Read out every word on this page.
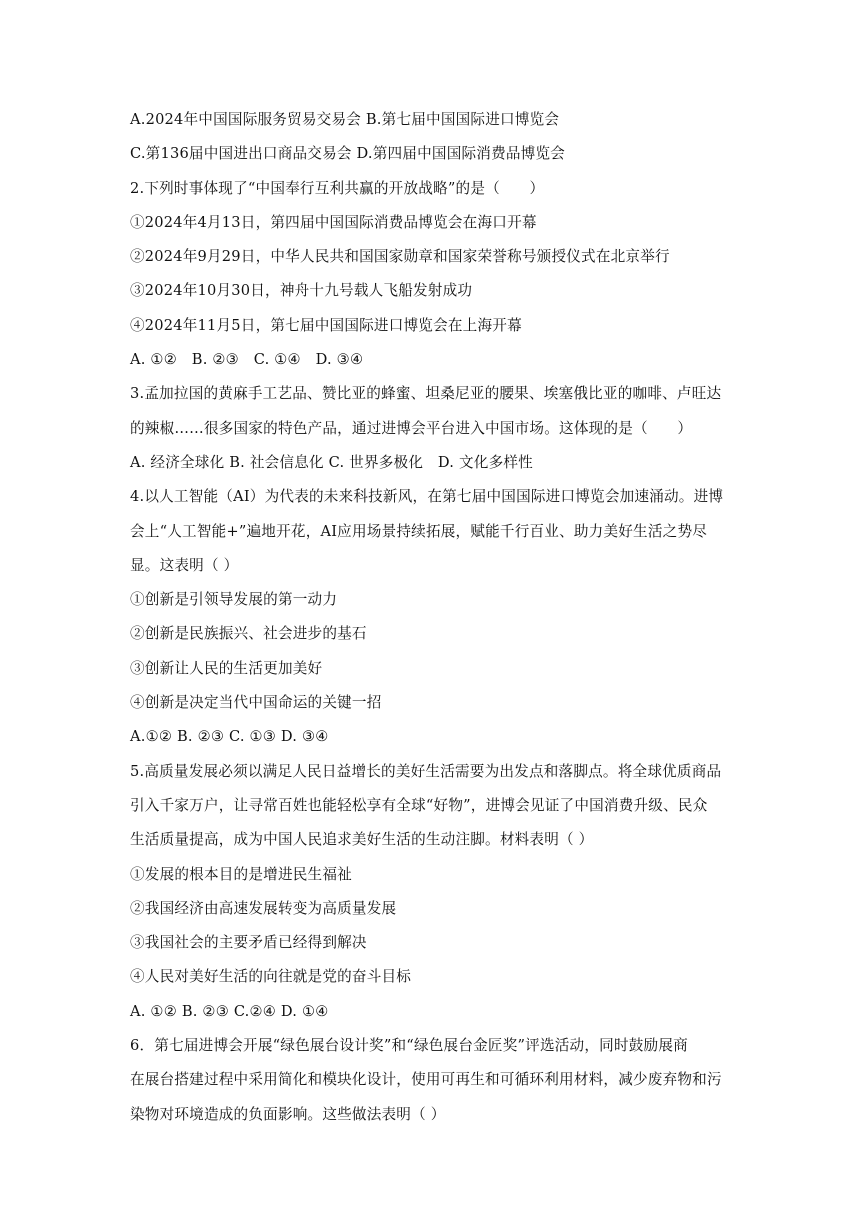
A.2024年中国国际服务贸易交易会 B.第七届中国国际进口博览会
C.第136届中国进出口商品交易会 D.第四届中国国际消费品博览会
2.下列时事体现了“中国奉行互利共赢的开放战略”的是（　　）
①2024年4月13日，第四届中国国际消费品博览会在海口开幕
②2024年9月29日，中华人民共和国国家勋章和国家荣誉称号颁授仪式在北京举行
③2024年10月30日，神舟十九号载人飞船发射成功
④2024年11月5日，第七届中国国际进口博览会在上海开幕
A. ①②　B. ②③　C. ①④　D. ③④
3.孟加拉国的黄麻手工艺品、赞比亚的蜂蜜、坦桑尼亚的腰果、埃塞俄比亚的咖啡、卢旺达
的辣椒……很多国家的特色产品，通过进博会平台进入中国市场。这体现的是（　　）
A. 经济全球化 B. 社会信息化 C. 世界多极化　D. 文化多样性
4.以人工智能（AI）为代表的未来科技新风，在第七届中国国际进口博览会加速涌动。进博
会上“人工智能+”遍地开花，AI应用场景持续拓展，赋能千行百业、助力美好生活之势尽
显。这表明（ ）
①创新是引领导发展的第一动力
②创新是民族振兴、社会进步的基石
③创新让人民的生活更加美好
④创新是决定当代中国命运的关键一招
A.①② B. ②③ C. ①③ D. ③④
5.高质量发展必须以满足人民日益增长的美好生活需要为出发点和落脚点。将全球优质商品
引入千家万户，让寻常百姓也能轻松享有全球“好物”，进博会见证了中国消费升级、民众
生活质量提高，成为中国人民追求美好生活的生动注脚。材料表明（ ）
①发展的根本目的是增进民生福祉
②我国经济由高速发展转变为高质量发展
③我国社会的主要矛盾已经得到解决
④人民对美好生活的向往就是党的奋斗目标
A. ①② B. ②③ C.②④ D. ①④
6．第七届进博会开展“绿色展台设计奖”和“绿色展台金匠奖”评选活动，同时鼓励展商
在展台搭建过程中采用简化和模块化设计，使用可再生和可循环利用材料，减少废弃物和污
染物对环境造成的负面影响。这些做法表明（ ）
